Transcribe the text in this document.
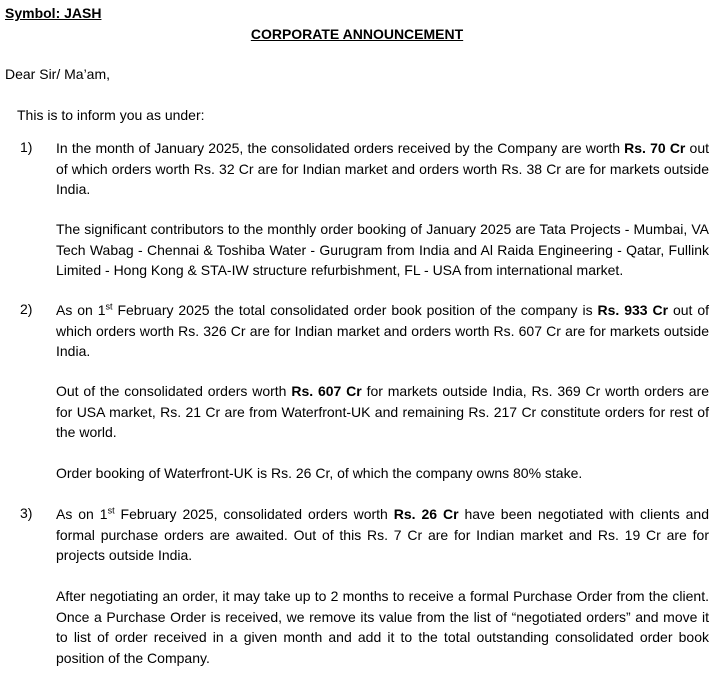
Symbol: JASH
CORPORATE ANNOUNCEMENT
Dear Sir/ Ma’am,
This is to inform you as under:
1) In the month of January 2025, the consolidated orders received by the Company are worth Rs. 70 Cr out of which orders worth Rs. 32 Cr are for Indian market and orders worth Rs. 38 Cr are for markets outside India.
The significant contributors to the monthly order booking of January 2025 are Tata Projects - Mumbai, VA Tech Wabag - Chennai & Toshiba Water - Gurugram from India and Al Raida Engineering - Qatar, Fullink Limited - Hong Kong & STA-IW structure refurbishment, FL - USA from international market.
2) As on 1st February 2025 the total consolidated order book position of the company is Rs. 933 Cr out of which orders worth Rs. 326 Cr are for Indian market and orders worth Rs. 607 Cr are for markets outside India.
Out of the consolidated orders worth Rs. 607 Cr for markets outside India, Rs. 369 Cr worth orders are for USA market, Rs. 21 Cr are from Waterfront-UK and remaining Rs. 217 Cr constitute orders for rest of the world.
Order booking of Waterfront-UK is Rs. 26 Cr, of which the company owns 80% stake.
3) As on 1st February 2025, consolidated orders worth Rs. 26 Cr have been negotiated with clients and formal purchase orders are awaited. Out of this Rs. 7 Cr are for Indian market and Rs. 19 Cr are for projects outside India.
After negotiating an order, it may take up to 2 months to receive a formal Purchase Order from the client. Once a Purchase Order is received, we remove its value from the list of “negotiated orders” and move it to list of order received in a given month and add it to the total outstanding consolidated order book position of the Company.
